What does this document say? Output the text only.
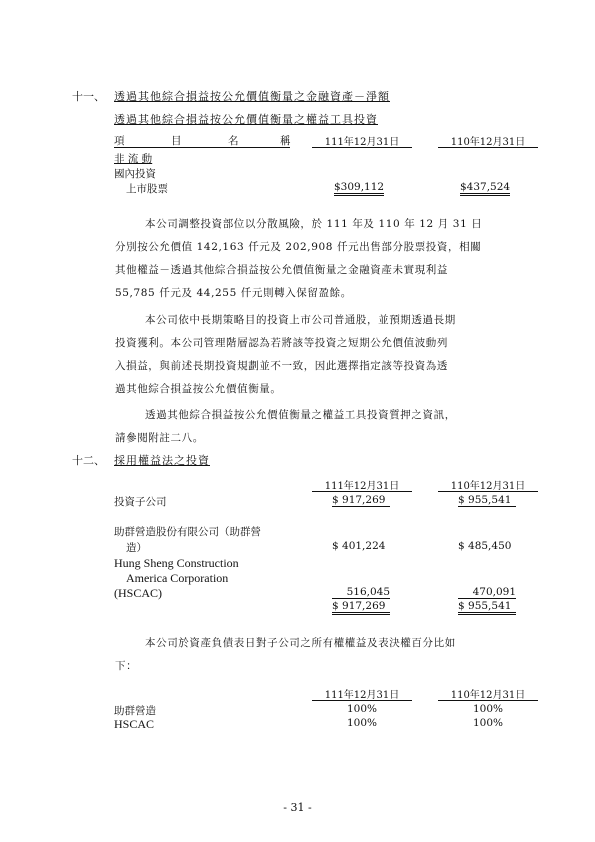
十一、 透過其他綜合損益按公允價值衡量之金融資產－淨額
透過其他綜合損益按公允價值衡量之權益工具投資
項	目	名	稱	111年12月31日	110年12月31日
非 流 動
國內投資
上市股票	$309,112	$437,524
本公司調整投資部位以分散風險，於 111 年及 110 年 12 月 31 日
分別按公允價值 142,163 仟元及 202,908 仟元出售部分股票投資，相關
其他權益－透過其他綜合損益按公允價值衡量之金融資產未實現利益
55,785 仟元及 44,255 仟元則轉入保留盈餘。
本公司依中長期策略目的投資上市公司普通股，並預期透過長期
投資獲利。本公司管理階層認為若將該等投資之短期公允價值波動列
入損益，與前述長期投資規劃並不一致，因此選擇指定該等投資為透
過其他綜合損益按公允價值衡量。
透過其他綜合損益按公允價值衡量之權益工具投資質押之資訊，
請參閱附註二八。
十二、 採用權益法之投資
111年12月31日	110年12月31日
投資子公司	$ 917,269	$ 955,541
助群營造股份有限公司（助群營
造）	$ 401,224	$ 485,450
Hung Sheng Construction
America Corporation
(HSCAC)	516,045	470,091
$ 917,269	$ 955,541
本公司於資產負債表日對子公司之所有權權益及表決權百分比如
下：
111年12月31日	110年12月31日
助群營造	100%	100%
HSCAC	100%	100%
- 31 -
